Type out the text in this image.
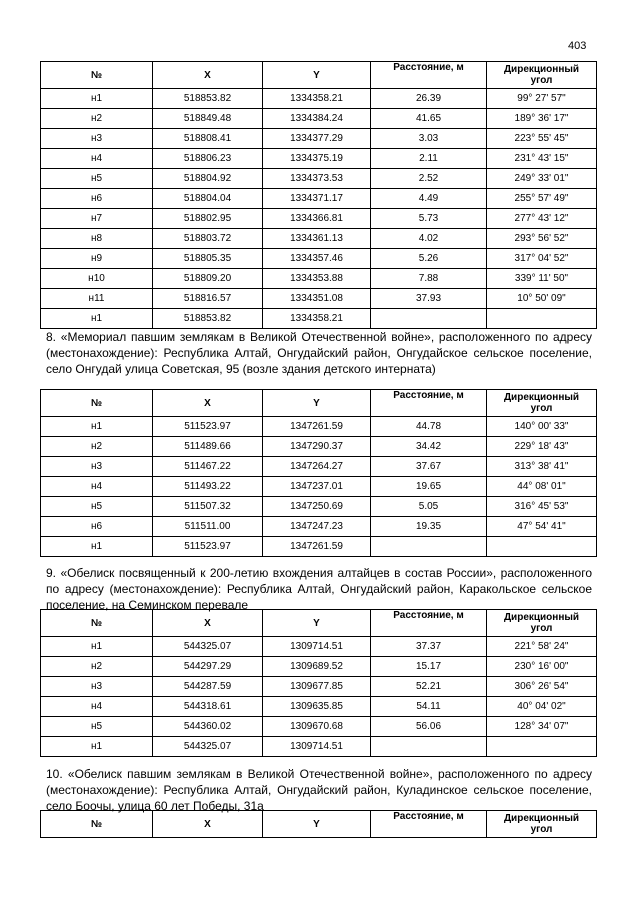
403
№	X	Y	Расстояние, м	Дирекционный
угол

н1	518853.82	1334358.21	26.39	99° 27' 57"
н2	518849.48	1334384.24	41.65	189° 36' 17"
н3	518808.41	1334377.29	3.03	223° 55' 45"
н4	518806.23	1334375.19	2.11	231° 43' 15"
н5	518804.92	1334373.53	2.52	249° 33' 01"
н6	518804.04	1334371.17	4.49	255° 57' 49"
н7	518802.95	1334366.81	5.73	277° 43' 12"
н8	518803.72	1334361.13	4.02	293° 56' 52"
н9	518805.35	1334357.46	5.26	317° 04' 52"
н10	518809.20	1334353.88	7.88	339° 11' 50"
н11	518816.57	1334351.08	37.93	10° 50' 09"
н1	518853.82	1334358.21		
8. «Мемориал павшим землякам в Великой Отечественной войне», расположенного по адресу (местонахождение): Республика Алтай, Онгудайский район, Онгудайское сельское поселение, село Онгудай улица Советская, 95 (возле здания детского интерната)
№	X	Y	Расстояние, м	Дирекционный
угол

н1	511523.97	1347261.59	44.78	140° 00' 33"
н2	511489.66	1347290.37	34.42	229° 18' 43"
н3	511467.22	1347264.27	37.67	313° 38' 41"
н4	511493.22	1347237.01	19.65	44° 08' 01"
н5	511507.32	1347250.69	5.05	316° 45' 53"
н6	511511.00	1347247.23	19.35	47° 54' 41"
н1	511523.97	1347261.59		
9. «Обелиск посвященный к 200-летию вхождения алтайцев в состав России», расположенного по адресу (местонахождение): Республика Алтай, Онгудайский район, Каракольское сельское поселение, на Семинском перевале
№	X	Y	Расстояние, м	Дирекционный
угол

н1	544325.07	1309714.51	37.37	221° 58' 24"
н2	544297.29	1309689.52	15.17	230° 16' 00"
н3	544287.59	1309677.85	52.21	306° 26' 54"
н4	544318.61	1309635.85	54.11	40° 04' 02"
н5	544360.02	1309670.68	56.06	128° 34' 07"
н1	544325.07	1309714.51		
10. «Обелиск павшим землякам в Великой Отечественной войне», расположенного по адресу (местонахождение): Республика Алтай, Онгудайский район, Куладинское сельское поселение, село Боочы, улица 60 лет Победы, 31а
№	X	Y	Расстояние, м	Дирекционный
угол
